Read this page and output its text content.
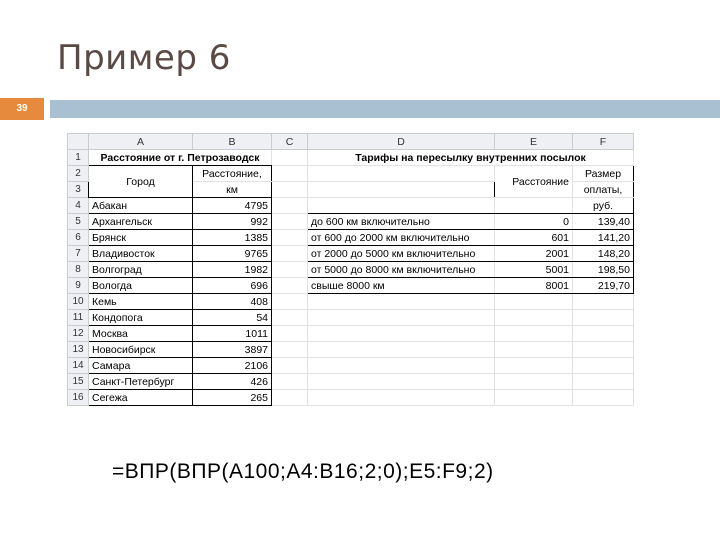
Пример 6
39
	A	B	C	D	E	F
1	Расстояние от г. Петрозаводск			Тарифы на пересылку внутренних посылок		
2	Город	Расстояние,			Расстояние	Размер
3		км				оплаты,
4	Абакан	4795				руб.
5	Архангельск	992		до 600 км включительно	0	139,40
6	Брянск	1385		от 600 до 2000 км включительно	601	141,20
7	Владивосток	9765		от 2000 до 5000 км включительно	2001	148,20
8	Волгоград	1982		от 5000 до 8000 км включительно	5001	198,50
9	Вологда	696		свыше 8000 км	8001	219,70
10	Кемь	408				
11	Кондопога	54				
12	Москва	1011				
13	Новосибирск	3897				
14	Самара	2106				
15	Санкт-Петербург	426				
16	Сегежа	265				
=ВПР(ВПР(A100;A4:B16;2;0);E5:F9;2)
